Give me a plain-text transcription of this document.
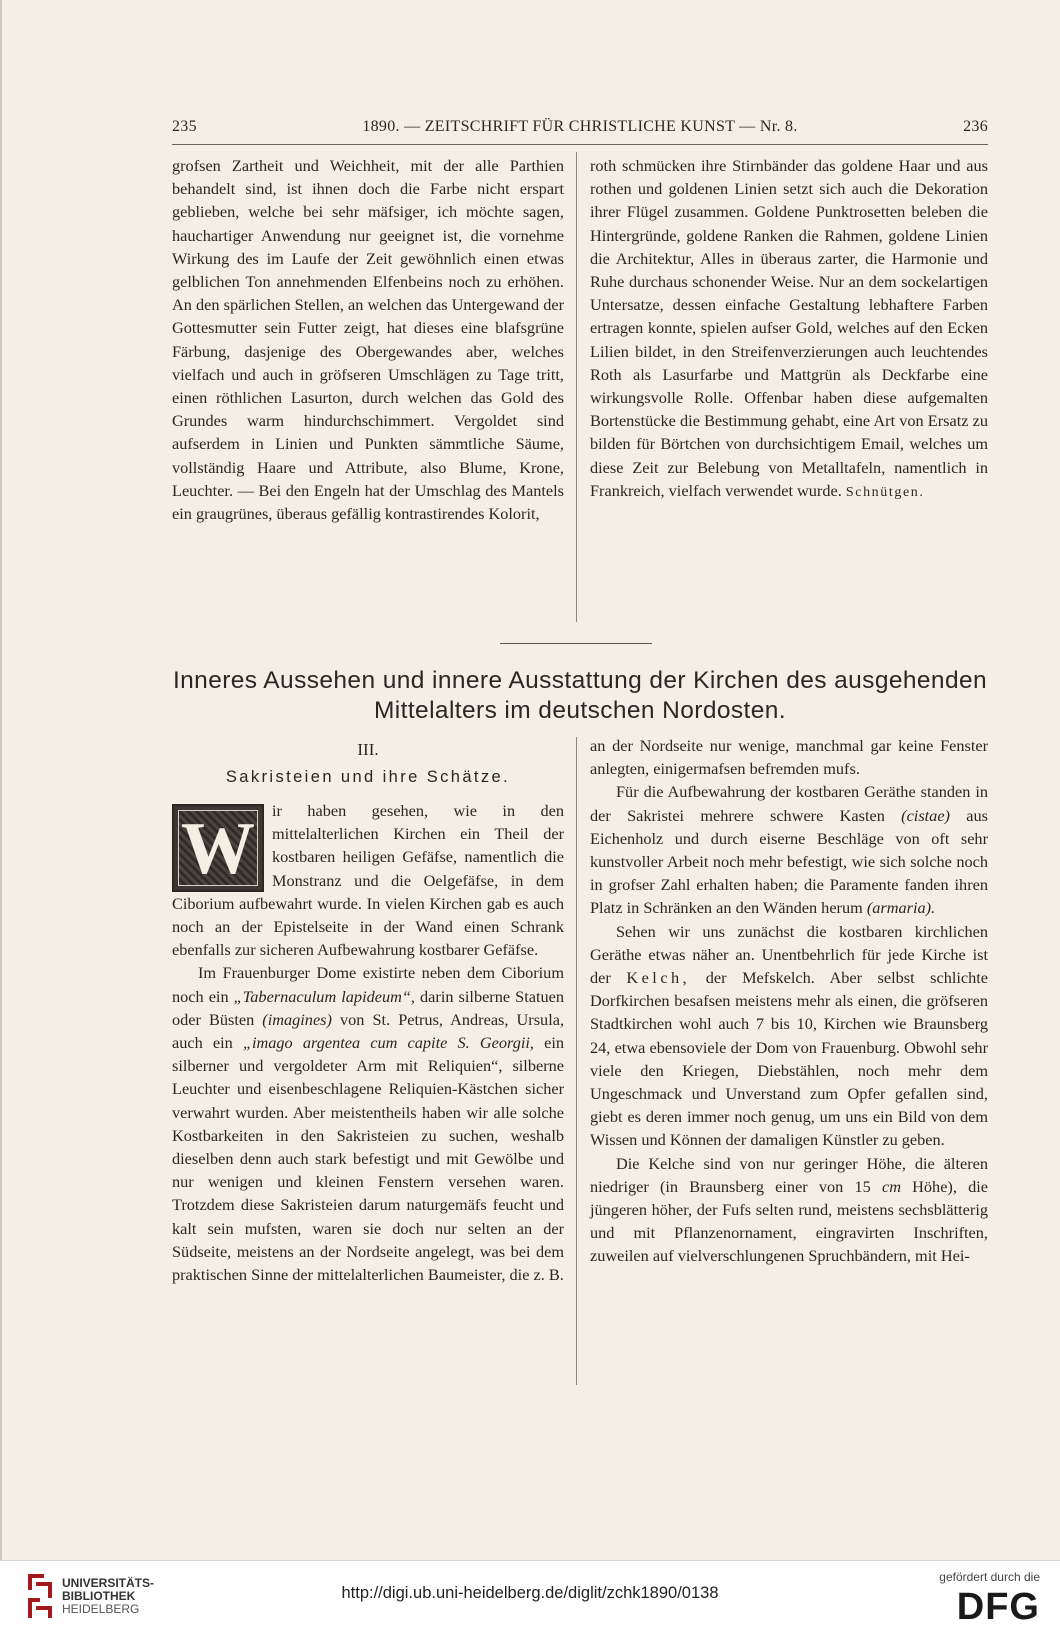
235	1890. — ZEITSCHRIFT FÜR CHRISTLICHE KUNST — Nr. 8.	236

grofsen Zartheit und Weichheit, mit der alle Parthien behandelt sind, ist ihnen doch die Farbe nicht erspart geblieben, welche bei sehr mäfsiger, ich möchte sagen, hauchartiger Anwendung nur geeignet ist, die vornehme Wirkung des im Laufe der Zeit gewöhnlich einen etwas gelblichen Ton annehmenden Elfenbeins noch zu erhöhen. An den spärlichen Stellen, an welchen das Untergewand der Gottesmutter sein Futter zeigt, hat dieses eine blafsgrüne Färbung, dasjenige des Obergewandes aber, welches vielfach und auch in gröfseren Umschlägen zu Tage tritt, einen röthlichen Lasurton, durch welchen das Gold des Grundes warm hindurchschimmert. Vergoldet sind aufserdem in Linien und Punkten sämmtliche Säume, vollständig Haare und Attribute, also Blume, Krone, Leuchter. — Bei den Engeln hat der Umschlag des Mantels ein graugrünes, überaus gefällig kontrastirendes Kolorit,

roth schmücken ihre Stirnbänder das goldene Haar und aus rothen und goldenen Linien setzt sich auch die Dekoration ihrer Flügel zusammen. Goldene Punktrosetten beleben die Hintergründe, goldene Ranken die Rahmen, goldene Linien die Architektur, Alles in überaus zarter, die Harmonie und Ruhe durchaus schonender Weise. Nur an dem sockelartigen Untersatze, dessen einfache Gestaltung lebhaftere Farben ertragen konnte, spielen aufser Gold, welches auf den Ecken Lilien bildet, in den Streifenverzierungen auch leuchtendes Roth als Lasurfarbe und Mattgrün als Deckfarbe eine wirkungsvolle Rolle. Offenbar haben diese aufgemalten Bortenstücke die Bestimmung gehabt, eine Art von Ersatz zu bilden für Börtchen von durchsichtigem Email, welches um diese Zeit zur Belebung von Metalltafeln, namentlich in Frankreich, vielfach verwendet wurde. Schnütgen.

Inneres Aussehen und innere Ausstattung der Kirchen des ausgehenden
Mittelalters im deutschen Nordosten.
III.
Sakristeien und ihre Schätze.
W	ir haben gesehen, wie in den mittelalterlichen Kirchen ein Theil der kostbaren heiligen Gefäfse, namentlich die Monstranz und die Oelgefäfse, in dem Ciborium aufbewahrt wurde. In vielen Kirchen gab es auch noch an der Epistelseite in der Wand einen Schrank ebenfalls zur sicheren Aufbewahrung kostbarer Gefäfse.

Im Frauenburger Dome existirte neben dem Ciborium noch ein „Tabernaculum lapideum“, darin silberne Statuen oder Büsten (imagines) von St. Petrus, Andreas, Ursula, auch ein „imago argentea cum capite S. Georgii, ein silberner und vergoldeter Arm mit Reliquien“, silberne Leuchter und eisenbeschlagene Reliquien-Kästchen sicher verwahrt wurden. Aber meistentheils haben wir alle solche Kostbarkeiten in den Sakristeien zu suchen, weshalb dieselben denn auch stark befestigt und mit Gewölbe und nur wenigen und kleinen Fenstern versehen waren. Trotzdem diese Sakristeien darum naturgemäfs feucht und kalt sein mufsten, waren sie doch nur selten an der Südseite, meistens an der Nordseite angelegt, was bei dem praktischen Sinne der mittelalterlichen Baumeister, die z. B.

an der Nordseite nur wenige, manchmal gar keine Fenster anlegten, einigermafsen befremden mufs.

Für die Aufbewahrung der kostbaren Geräthe standen in der Sakristei mehrere schwere Kasten (cistae) aus Eichenholz und durch eiserne Beschläge von oft sehr kunstvoller Arbeit noch mehr befestigt, wie sich solche noch in grofser Zahl erhalten haben; die Paramente fanden ihren Platz in Schränken an den Wänden herum (armaria).

Sehen wir uns zunächst die kostbaren kirchlichen Geräthe etwas näher an. Unentbehrlich für jede Kirche ist der Kelch, der Mefskelch. Aber selbst schlichte Dorfkirchen besafsen meistens mehr als einen, die gröfseren Stadtkirchen wohl auch 7 bis 10, Kirchen wie Braunsberg 24, etwa ebensoviele der Dom von Frauenburg. Obwohl sehr viele den Kriegen, Diebstählen, noch mehr dem Ungeschmack und Unverstand zum Opfer gefallen sind, giebt es deren immer noch genug, um uns ein Bild von dem Wissen und Können der damaligen Künstler zu geben.

Die Kelche sind von nur geringer Höhe, die älteren niedriger (in Braunsberg einer von 15 cm Höhe), die jüngeren höher, der Fufs selten rund, meistens sechsblätterig und mit Pflanzenornament, eingravirten Inschriften, zuweilen auf vielverschlungenen Spruchbändern, mit Hei-

UNIVERSITÄTS-
BIBLIOTHEK
HEIDELBERG
http://digi.ub.uni-heidelberg.de/diglit/zchk1890/0138
gefördert durch die
DFG
